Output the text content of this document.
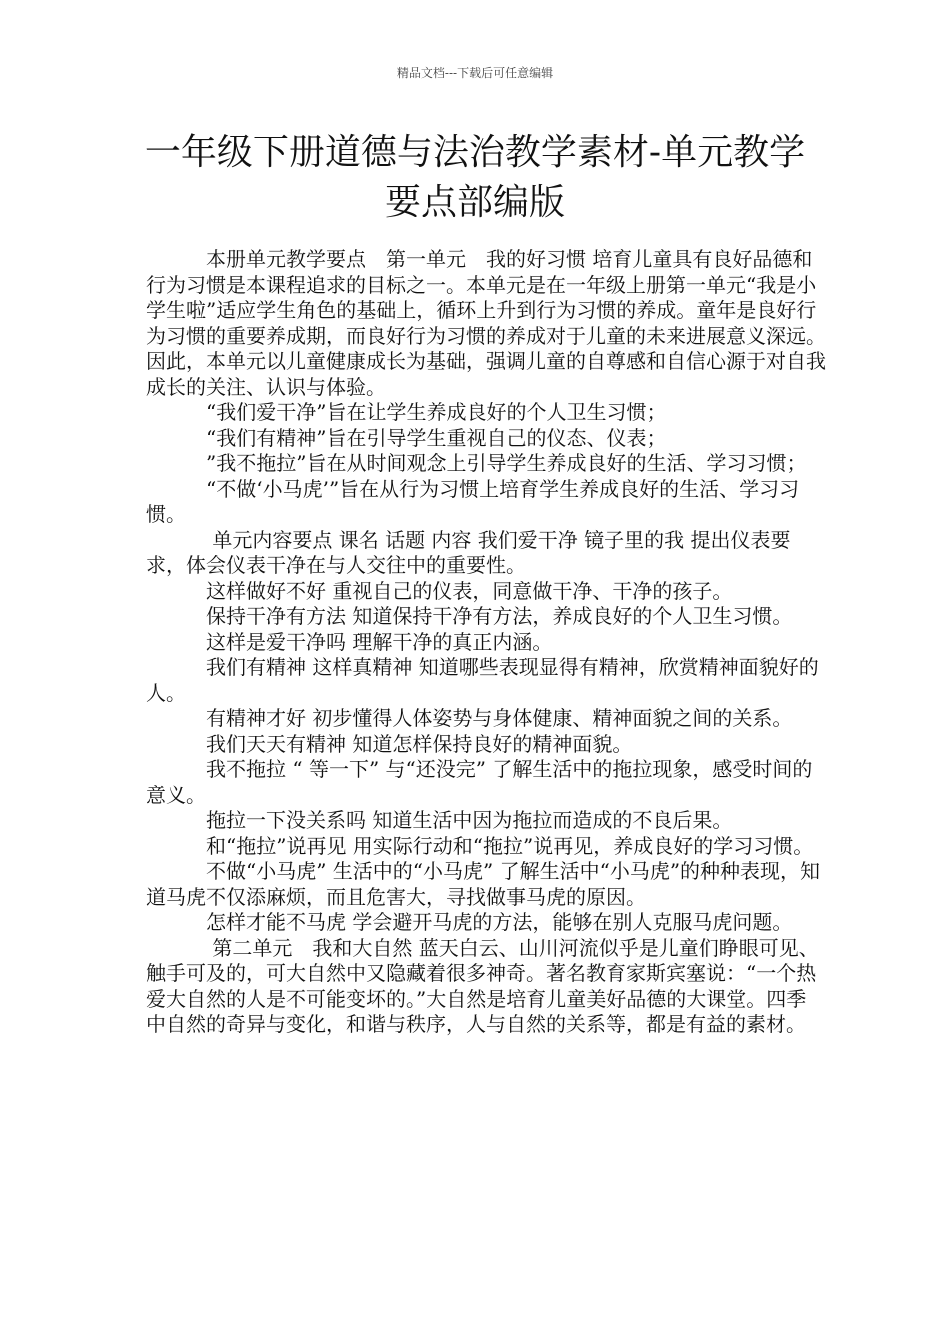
精品文档---下载后可任意编辑
一年级下册道德与法治教学素材-单元教学
要点部编版

　　　本册单元教学要点　第一单元　我的好习惯 培育儿童具有良好品德和行为习惯是本课程追求的目标之一。本单元是在一年级上册第一单元“我是小学生啦”适应学生角色的基础上，循环上升到行为习惯的养成。童年是良好行为习惯的重要养成期，而良好行为习惯的养成对于儿童的未来进展意义深远。因此，本单元以儿童健康成长为基础，强调儿童的自尊感和自信心源于对自我成长的关注、认识与体验。

　　　“我们爱干净”旨在让学生养成良好的个人卫生习惯；

　　　“我们有精神”旨在引导学生重视自己的仪态、仪表；

　　　”我不拖拉”旨在从时间观念上引导学生养成良好的生活、学习习惯；

　　　“不做‘小马虎’”旨在从行为习惯上培育学生养成良好的生活、学习习惯。

　　　 单元内容要点 课名 话题 内容 我们爱干净 镜子里的我 提出仪表要求，体会仪表干净在与人交往中的重要性。

　　　这样做好不好 重视自己的仪表，同意做干净、干净的孩子。

　　　保持干净有方法 知道保持干净有方法，养成良好的个人卫生习惯。

　　　这样是爱干净吗 理解干净的真正内涵。

　　　我们有精神 这样真精神 知道哪些表现显得有精神，欣赏精神面貌好的人。

　　　有精神才好 初步懂得人体姿势与身体健康、精神面貌之间的关系。

　　　我们天天有精神 知道怎样保持良好的精神面貌。

　　　我不拖拉 “ 等一下” 与“还没完” 了解生活中的拖拉现象，感受时间的意义。

　　　拖拉一下没关系吗 知道生活中因为拖拉而造成的不良后果。

　　　和“拖拉”说再见 用实际行动和“拖拉”说再见，养成良好的学习习惯。

　　　不做“小马虎” 生活中的“小马虎” 了解生活中“小马虎”的种种表现，知道马虎不仅添麻烦，而且危害大，寻找做事马虎的原因。

　　　怎样才能不马虎 学会避开马虎的方法，能够在别人克服马虎问题。

　　　 第二单元　我和大自然 蓝天白云、山川河流似乎是儿童们睁眼可见、触手可及的，可大自然中又隐藏着很多神奇。著名教育家斯宾塞说：“一个热爱大自然的人是不可能变坏的。”大自然是培育儿童美好品德的大课堂。四季中自然的奇异与变化，和谐与秩序，人与自然的关系等，都是有益的素材。
